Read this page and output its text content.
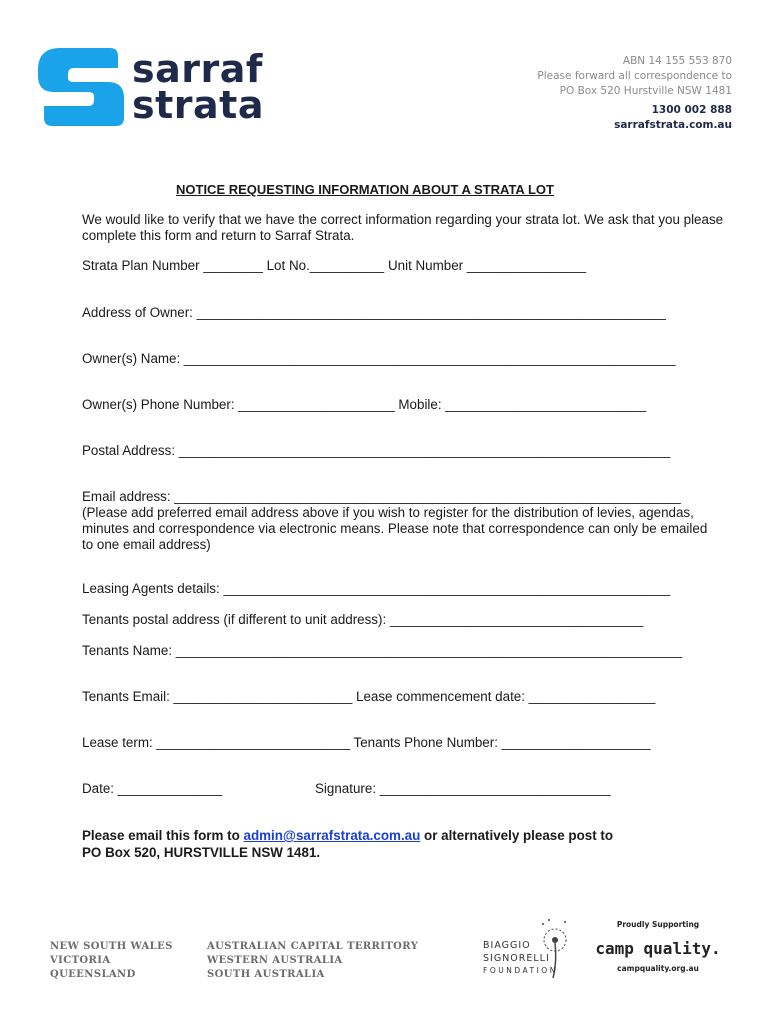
sarraf
strata
ABN 14 155 553 870
Please forward all correspondence to
PO Box 520 Hurstville NSW 1481
1300 002 888
sarrafstrata.com.au
NOTICE REQUESTING INFORMATION ABOUT A STRATA LOT
We would like to verify that we have the correct information regarding your strata lot. We ask that you please complete this form and return to Sarraf Strata.
Strata Plan Number ________ Lot No.__________ Unit Number ________________
Address of Owner: _______________________________________________________________
Owner(s) Name: __________________________________________________________________
Owner(s) Phone Number: _____________________ Mobile: ___________________________
Postal Address: __________________________________________________________________
Email address: ____________________________________________________________________
(Please add preferred email address above if you wish to register for the distribution of levies, agendas, minutes and correspondence via electronic means. Please note that correspondence can only be emailed to one email address)
Leasing Agents details: ____________________________________________________________
Tenants postal address (if different to unit address): __________________________________
Tenants Name: ____________________________________________________________________
Tenants Email: ________________________ Lease commencement date: _________________
Lease term: __________________________ Tenants Phone Number: ____________________
Date: ______________	Signature: _______________________________
Please email this form to admin@sarrafstrata.com.au or alternatively please post to
PO Box 520, HURSTVILLE NSW 1481.
NEW SOUTH WALES
VICTORIA
QUEENSLAND
AUSTRALIAN CAPITAL TERRITORY
WESTERN AUSTRALIA
SOUTH AUSTRALIA
BIAGGIO
SIGNORELLI
FOUNDATION
Proudly Supporting
camp quality.
campquality.org.au
